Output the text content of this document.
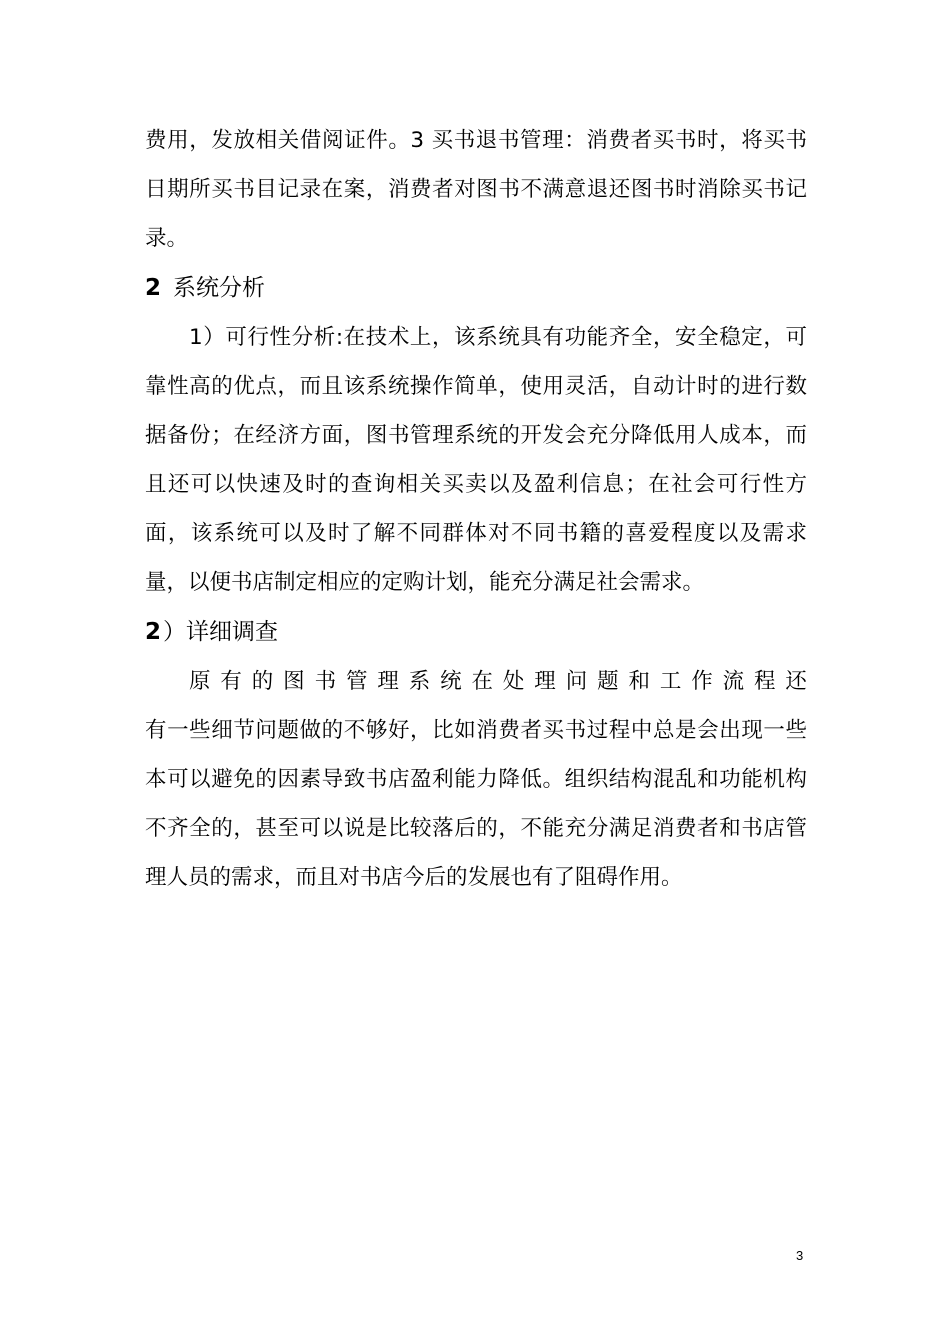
费用，发放相关借阅证件。3 买书退书管理：消费者买书时，将买书日期所买书目记录在案，消费者对图书不满意退还图书时消除买书记录。

2 系统分析

1）可行性分析:在技术上，该系统具有功能齐全，安全稳定，可靠性高的优点，而且该系统操作简单，使用灵活，自动计时的进行数据备份；在经济方面，图书管理系统的开发会充分降低用人成本，而且还可以快速及时的查询相关买卖以及盈利信息；在社会可行性方面，该系统可以及时了解不同群体对不同书籍的喜爱程度以及需求量，以便书店制定相应的定购计划，能充分满足社会需求。

2）详细调查
原 有 的 图 书 管 理 系 统 在 处 理 问 题 和 工 作 流 程 还

有一些细节问题做的不够好，比如消费者买书过程中总是会出现一些本可以避免的因素导致书店盈利能力降低。组织结构混乱和功能机构不齐全的，甚至可以说是比较落后的，不能充分满足消费者和书店管理人员的需求，而且对书店今后的发展也有了阻碍作用。

3
